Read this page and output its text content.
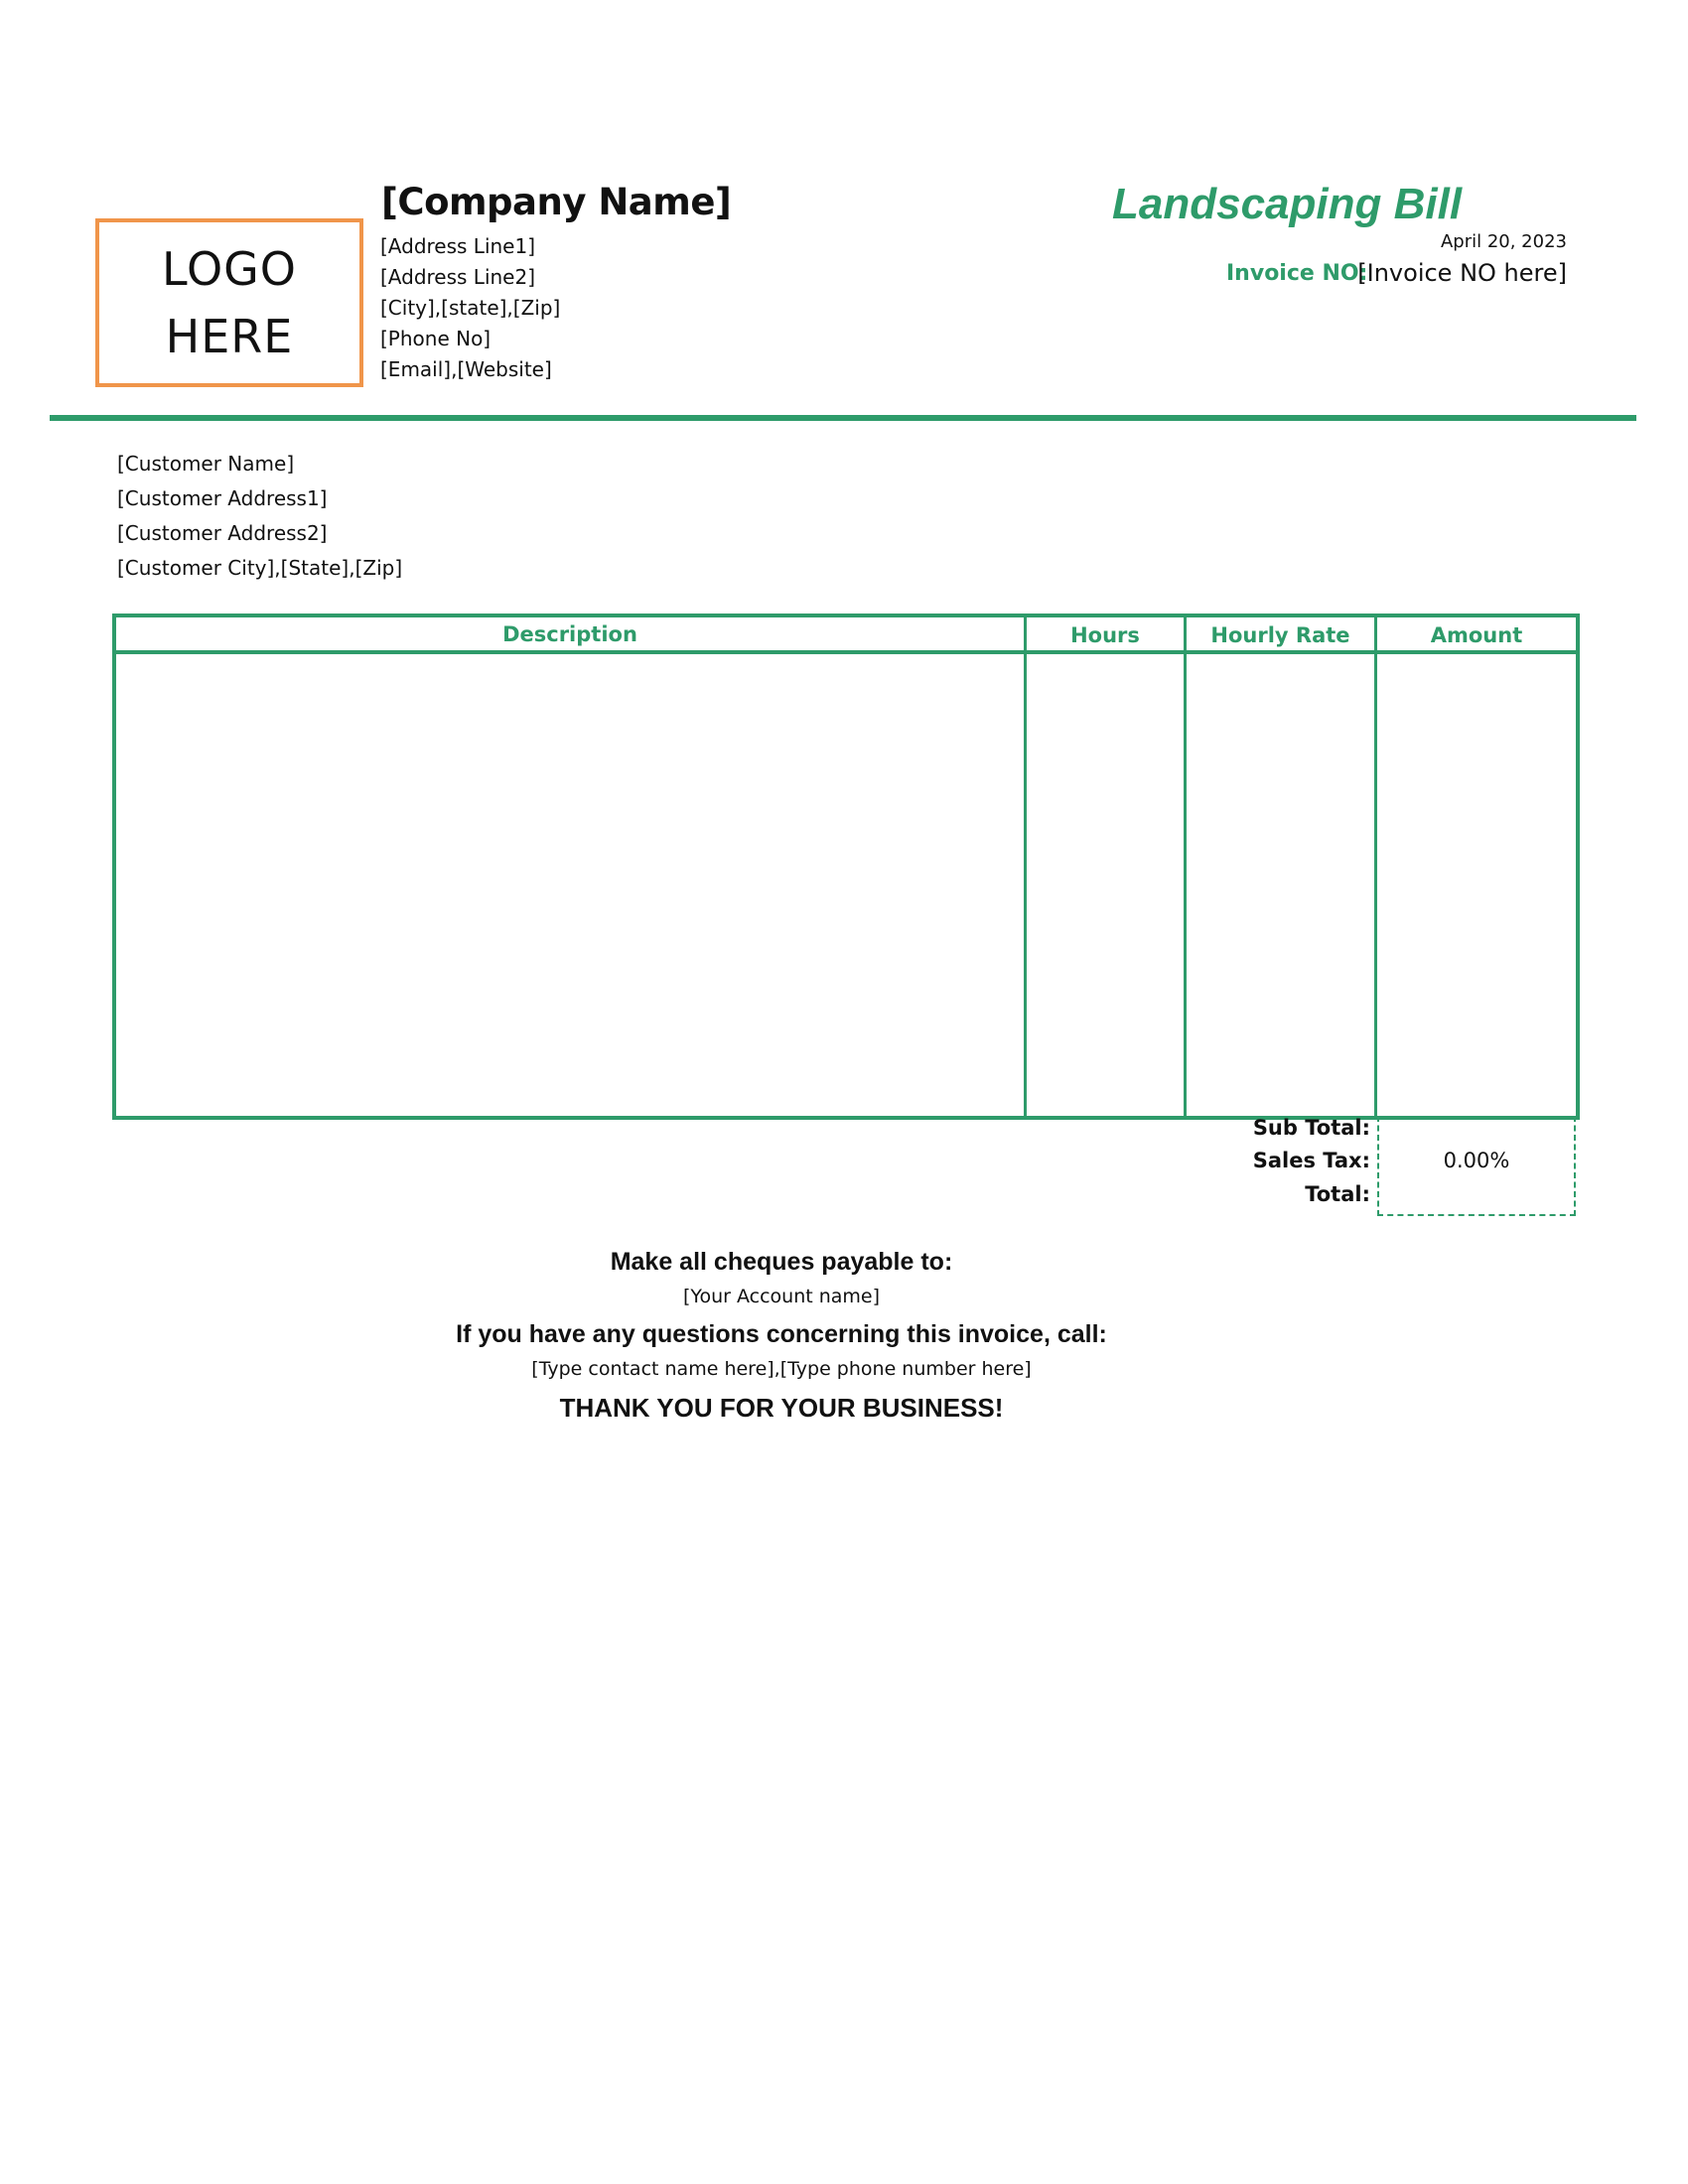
LOGO
HERE
[Company Name]
[Address Line1]
[Address Line2]
[City],[state],[Zip]
[Phone No]
[Email],[Website]
Landscaping Bill
April 20, 2023
Invoice NO:
[Invoice NO here]
[Customer Name]
[Customer Address1]
[Customer Address2]
[Customer City],[State],[Zip]
Description	Hours	Hourly Rate	Amount
Sub Total:
Sales Tax:	0.00%
Total:
Make all cheques payable to:
[Your Account name]
If you have any questions concerning this invoice, call:
[Type contact name here],[Type phone number here]
THANK YOU FOR YOUR BUSINESS!
